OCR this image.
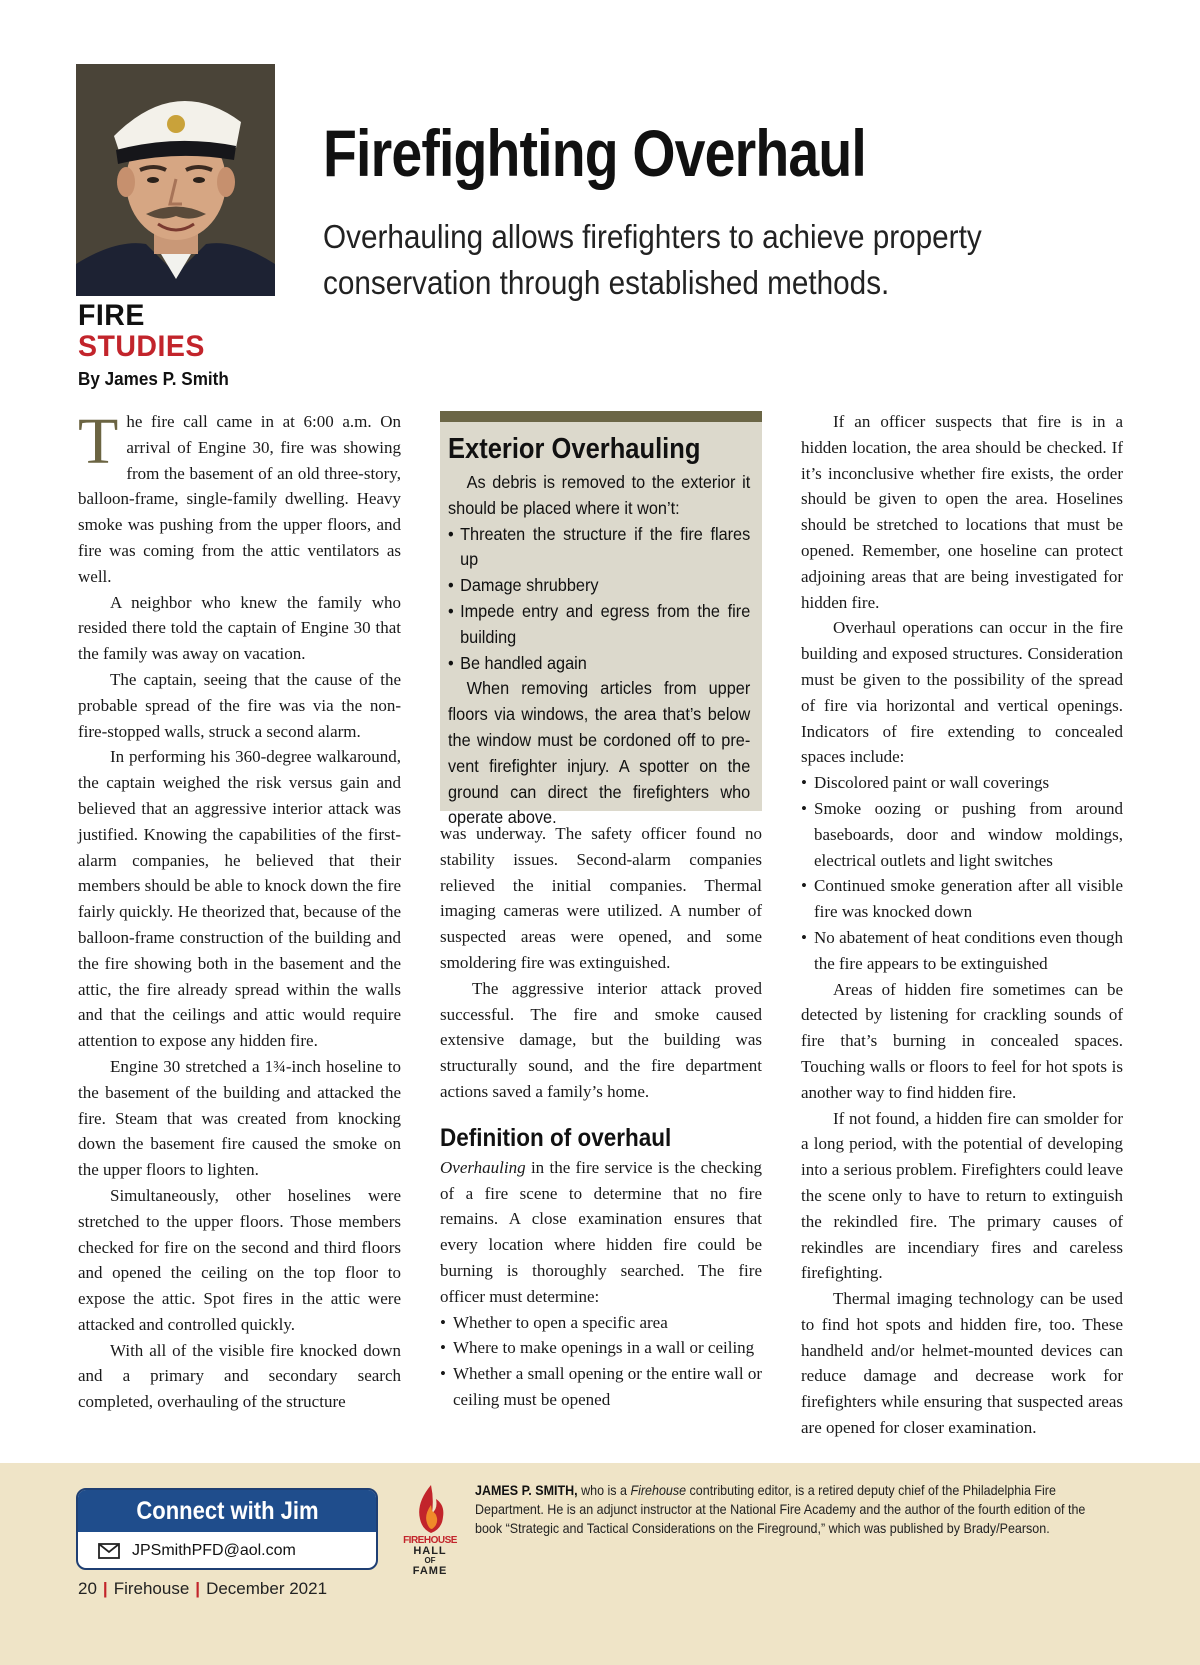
FIRE
STUDIES
By James P. Smith
Firefighting Overhaul
Overhauling allows firefighters to achieve property
conservation through established methods.

The fire call came in at 6:00 a.m. On arrival of Engine 30, fire was showing from the basement of an old three-story, balloon-frame, single-family dwelling. Heavy smoke was pushing from the upper floors, and fire was coming from the attic ventilators as well.

A neighbor who knew the family who resided there told the captain of Engine 30 that the family was away on vacation.

The captain, seeing that the cause of the probable spread of the fire was via the non-fire-stopped walls, struck a second alarm.

In performing his 360-degree walkaround, the captain weighed the risk versus gain and believed that an aggressive interior attack was justified. Knowing the capabilities of the first-alarm companies, he believed that their members should be able to knock down the fire fairly quickly. He theorized that, because of the balloon-frame construction of the building and the fire showing both in the basement and the attic, the fire already spread within the walls and that the ceilings and attic would require attention to expose any hidden fire.

Engine 30 stretched a 1¾-inch hoseline to the basement of the building and attacked the fire. Steam that was created from knocking down the basement fire caused the smoke on the upper floors to lighten.

Simultaneously, other hoselines were stretched to the upper floors. Those members checked for fire on the second and third floors and opened the ceiling on the top floor to expose the attic. Spot fires in the attic were attacked and controlled quickly.

With all of the visible fire knocked down and a primary and secondary search completed, overhauling of the structure

Exterior Overhauling

As debris is removed to the exterior it should be placed where it won’t:

• Threaten the structure if the fire flares up
• Damage shrubbery
• Impede entry and egress from the fire building
• Be handled again

When removing articles from upper floors via windows, the area that’s below the window must be cordoned off to prevent firefighter injury. A spotter on the ground can direct the firefighters who operate above.

was underway. The safety officer found no stability issues. Second-alarm companies relieved the initial companies. Thermal imaging cameras were utilized. A number of suspected areas were opened, and some smoldering fire was extinguished.

The aggressive interior attack proved successful. The fire and smoke caused extensive damage, but the building was structurally sound, and the fire department actions saved a family’s home.

Definition of overhaul

Overhauling in the fire service is the checking of a fire scene to determine that no fire remains. A close examination ensures that every location where hidden fire could be burning is thoroughly searched. The fire officer must determine:

• Whether to open a specific area
• Where to make openings in a wall or ceiling
• Whether a small opening or the entire wall or ceiling must be opened

If an officer suspects that fire is in a hidden location, the area should be checked. If it’s inconclusive whether fire exists, the order should be given to open the area. Hoselines should be stretched to locations that must be opened. Remember, one hoseline can protect adjoining areas that are being investigated for hidden fire.

Overhaul operations can occur in the fire building and exposed structures. Consideration must be given to the possibility of the spread of fire via horizontal and vertical openings. Indicators of fire extending to concealed spaces include:

• Discolored paint or wall coverings
• Smoke oozing or pushing from around baseboards, door and window moldings, electrical outlets and light switches
• Continued smoke generation after all visible fire was knocked down
• No abatement of heat conditions even though the fire appears to be extinguished

Areas of hidden fire sometimes can be detected by listening for crackling sounds of fire that’s burning in concealed spaces. Touching walls or floors to feel for hot spots is another way to find hidden fire.

If not found, a hidden fire can smolder for a long period, with the potential of developing into a serious problem. Firefighters could leave the scene only to have to return to extinguish the rekindled fire. The primary causes of rekindles are incendiary fires and careless firefighting.

Thermal imaging technology can be used to find hot spots and hidden fire, too. These handheld and/or helmet-mounted devices can reduce damage and decrease work for firefighters while ensuring that suspected areas are opened for closer examination.

Connect with Jim
JPSmithPFD@aol.com
FIREHOUSE
HALL
OF
FAME
JAMES P. SMITH, who is a Firehouse contributing editor, is a retired deputy chief of the Philadelphia Fire Department. He is an adjunct instructor at the National Fire Academy and the author of the fourth edition of the book “Strategic and Tactical Considerations on the Fireground,” which was published by Brady/Pearson.
20 | Firehouse | December 2021
